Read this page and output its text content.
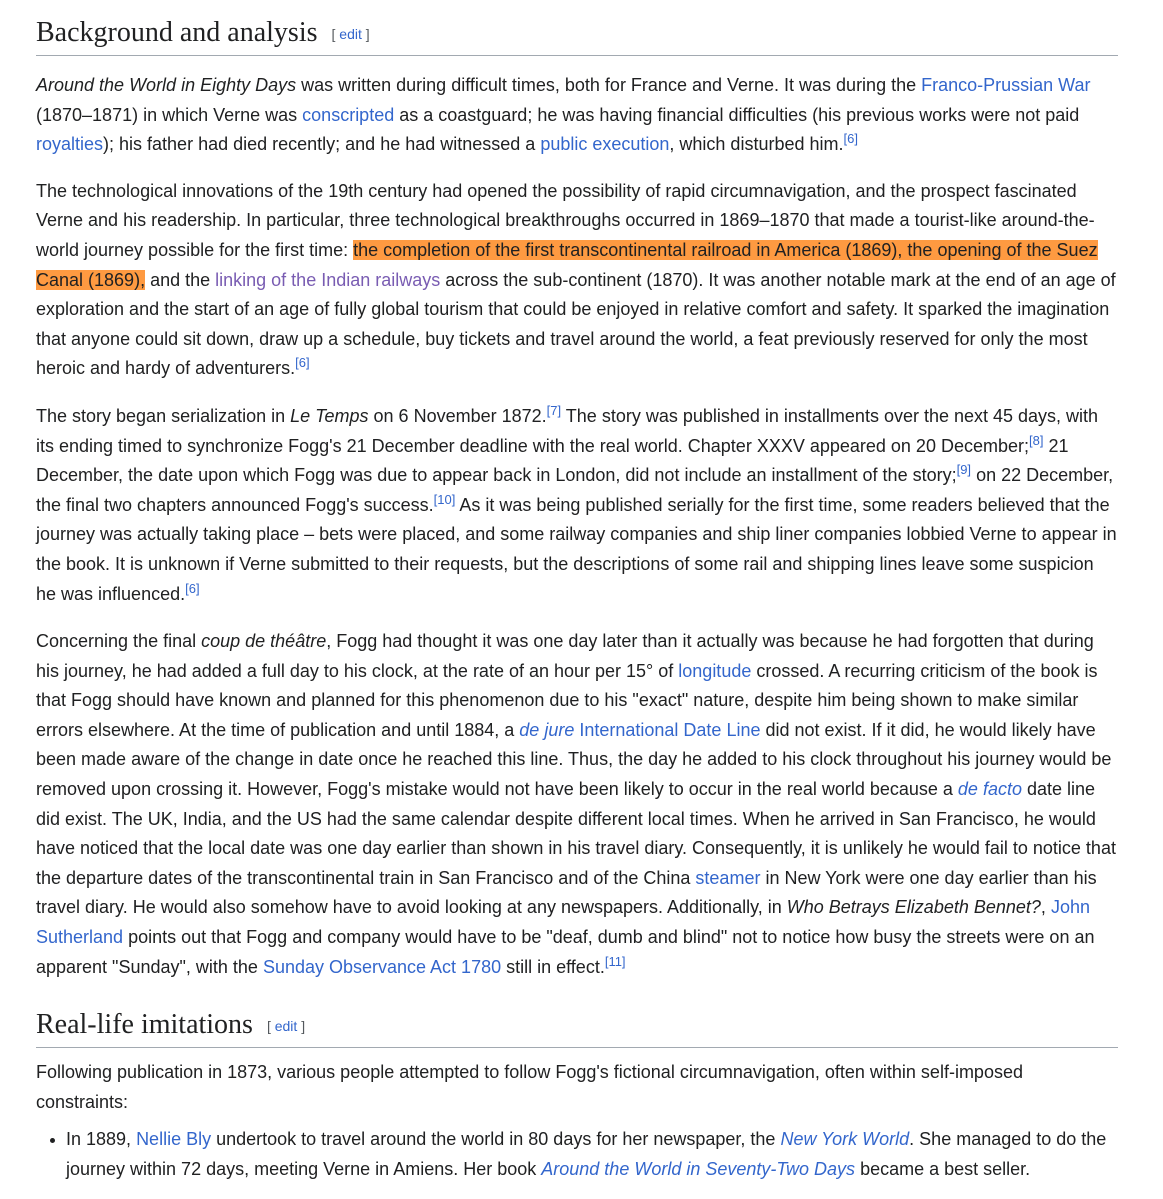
Background and analysis [ edit ]

Around the World in Eighty Days was written during difficult times, both for France and Verne. It was during the Franco-Prussian War (1870–1871) in which Verne was conscripted as a coastguard; he was having financial difficulties (his previous works were not paid royalties); his father had died recently; and he had witnessed a public execution, which disturbed him.[6]

The technological innovations of the 19th century had opened the possibility of rapid circumnavigation, and the prospect fascinated Verne and his readership. In particular, three technological breakthroughs occurred in 1869–1870 that made a tourist-like around-the-world journey possible for the first time: the completion of the first transcontinental railroad in America (1869), the opening of the Suez Canal (1869), and the linking of the Indian railways across the sub-continent (1870). It was another notable mark at the end of an age of exploration and the start of an age of fully global tourism that could be enjoyed in relative comfort and safety. It sparked the imagination that anyone could sit down, draw up a schedule, buy tickets and travel around the world, a feat previously reserved for only the most heroic and hardy of adventurers.[6]

The story began serialization in Le Temps on 6 November 1872.[7] The story was published in installments over the next 45 days, with its ending timed to synchronize Fogg's 21 December deadline with the real world. Chapter XXXV appeared on 20 December;[8] 21 December, the date upon which Fogg was due to appear back in London, did not include an installment of the story;[9] on 22 December, the final two chapters announced Fogg's success.[10] As it was being published serially for the first time, some readers believed that the journey was actually taking place – bets were placed, and some railway companies and ship liner companies lobbied Verne to appear in the book. It is unknown if Verne submitted to their requests, but the descriptions of some rail and shipping lines leave some suspicion he was influenced.[6]

Concerning the final coup de théâtre, Fogg had thought it was one day later than it actually was because he had forgotten that during his journey, he had added a full day to his clock, at the rate of an hour per 15° of longitude crossed. A recurring criticism of the book is that Fogg should have known and planned for this phenomenon due to his "exact" nature, despite him being shown to make similar errors elsewhere. At the time of publication and until 1884, a de jure International Date Line did not exist. If it did, he would likely have been made aware of the change in date once he reached this line. Thus, the day he added to his clock throughout his journey would be removed upon crossing it. However, Fogg's mistake would not have been likely to occur in the real world because a de facto date line did exist. The UK, India, and the US had the same calendar despite different local times. When he arrived in San Francisco, he would have noticed that the local date was one day earlier than shown in his travel diary. Consequently, it is unlikely he would fail to notice that the departure dates of the transcontinental train in San Francisco and of the China steamer in New York were one day earlier than his travel diary. He would also somehow have to avoid looking at any newspapers. Additionally, in Who Betrays Elizabeth Bennet?, John Sutherland points out that Fogg and company would have to be "deaf, dumb and blind" not to notice how busy the streets were on an apparent "Sunday", with the Sunday Observance Act 1780 still in effect.[11]

Real-life imitations [ edit ]

Following publication in 1873, various people attempted to follow Fogg's fictional circumnavigation, often within self-imposed constraints:

In 1889, Nellie Bly undertook to travel around the world in 80 days for her newspaper, the New York World. She managed to do the journey within 72 days, meeting Verne in Amiens. Her book Around the World in Seventy-Two Days became a best seller.
